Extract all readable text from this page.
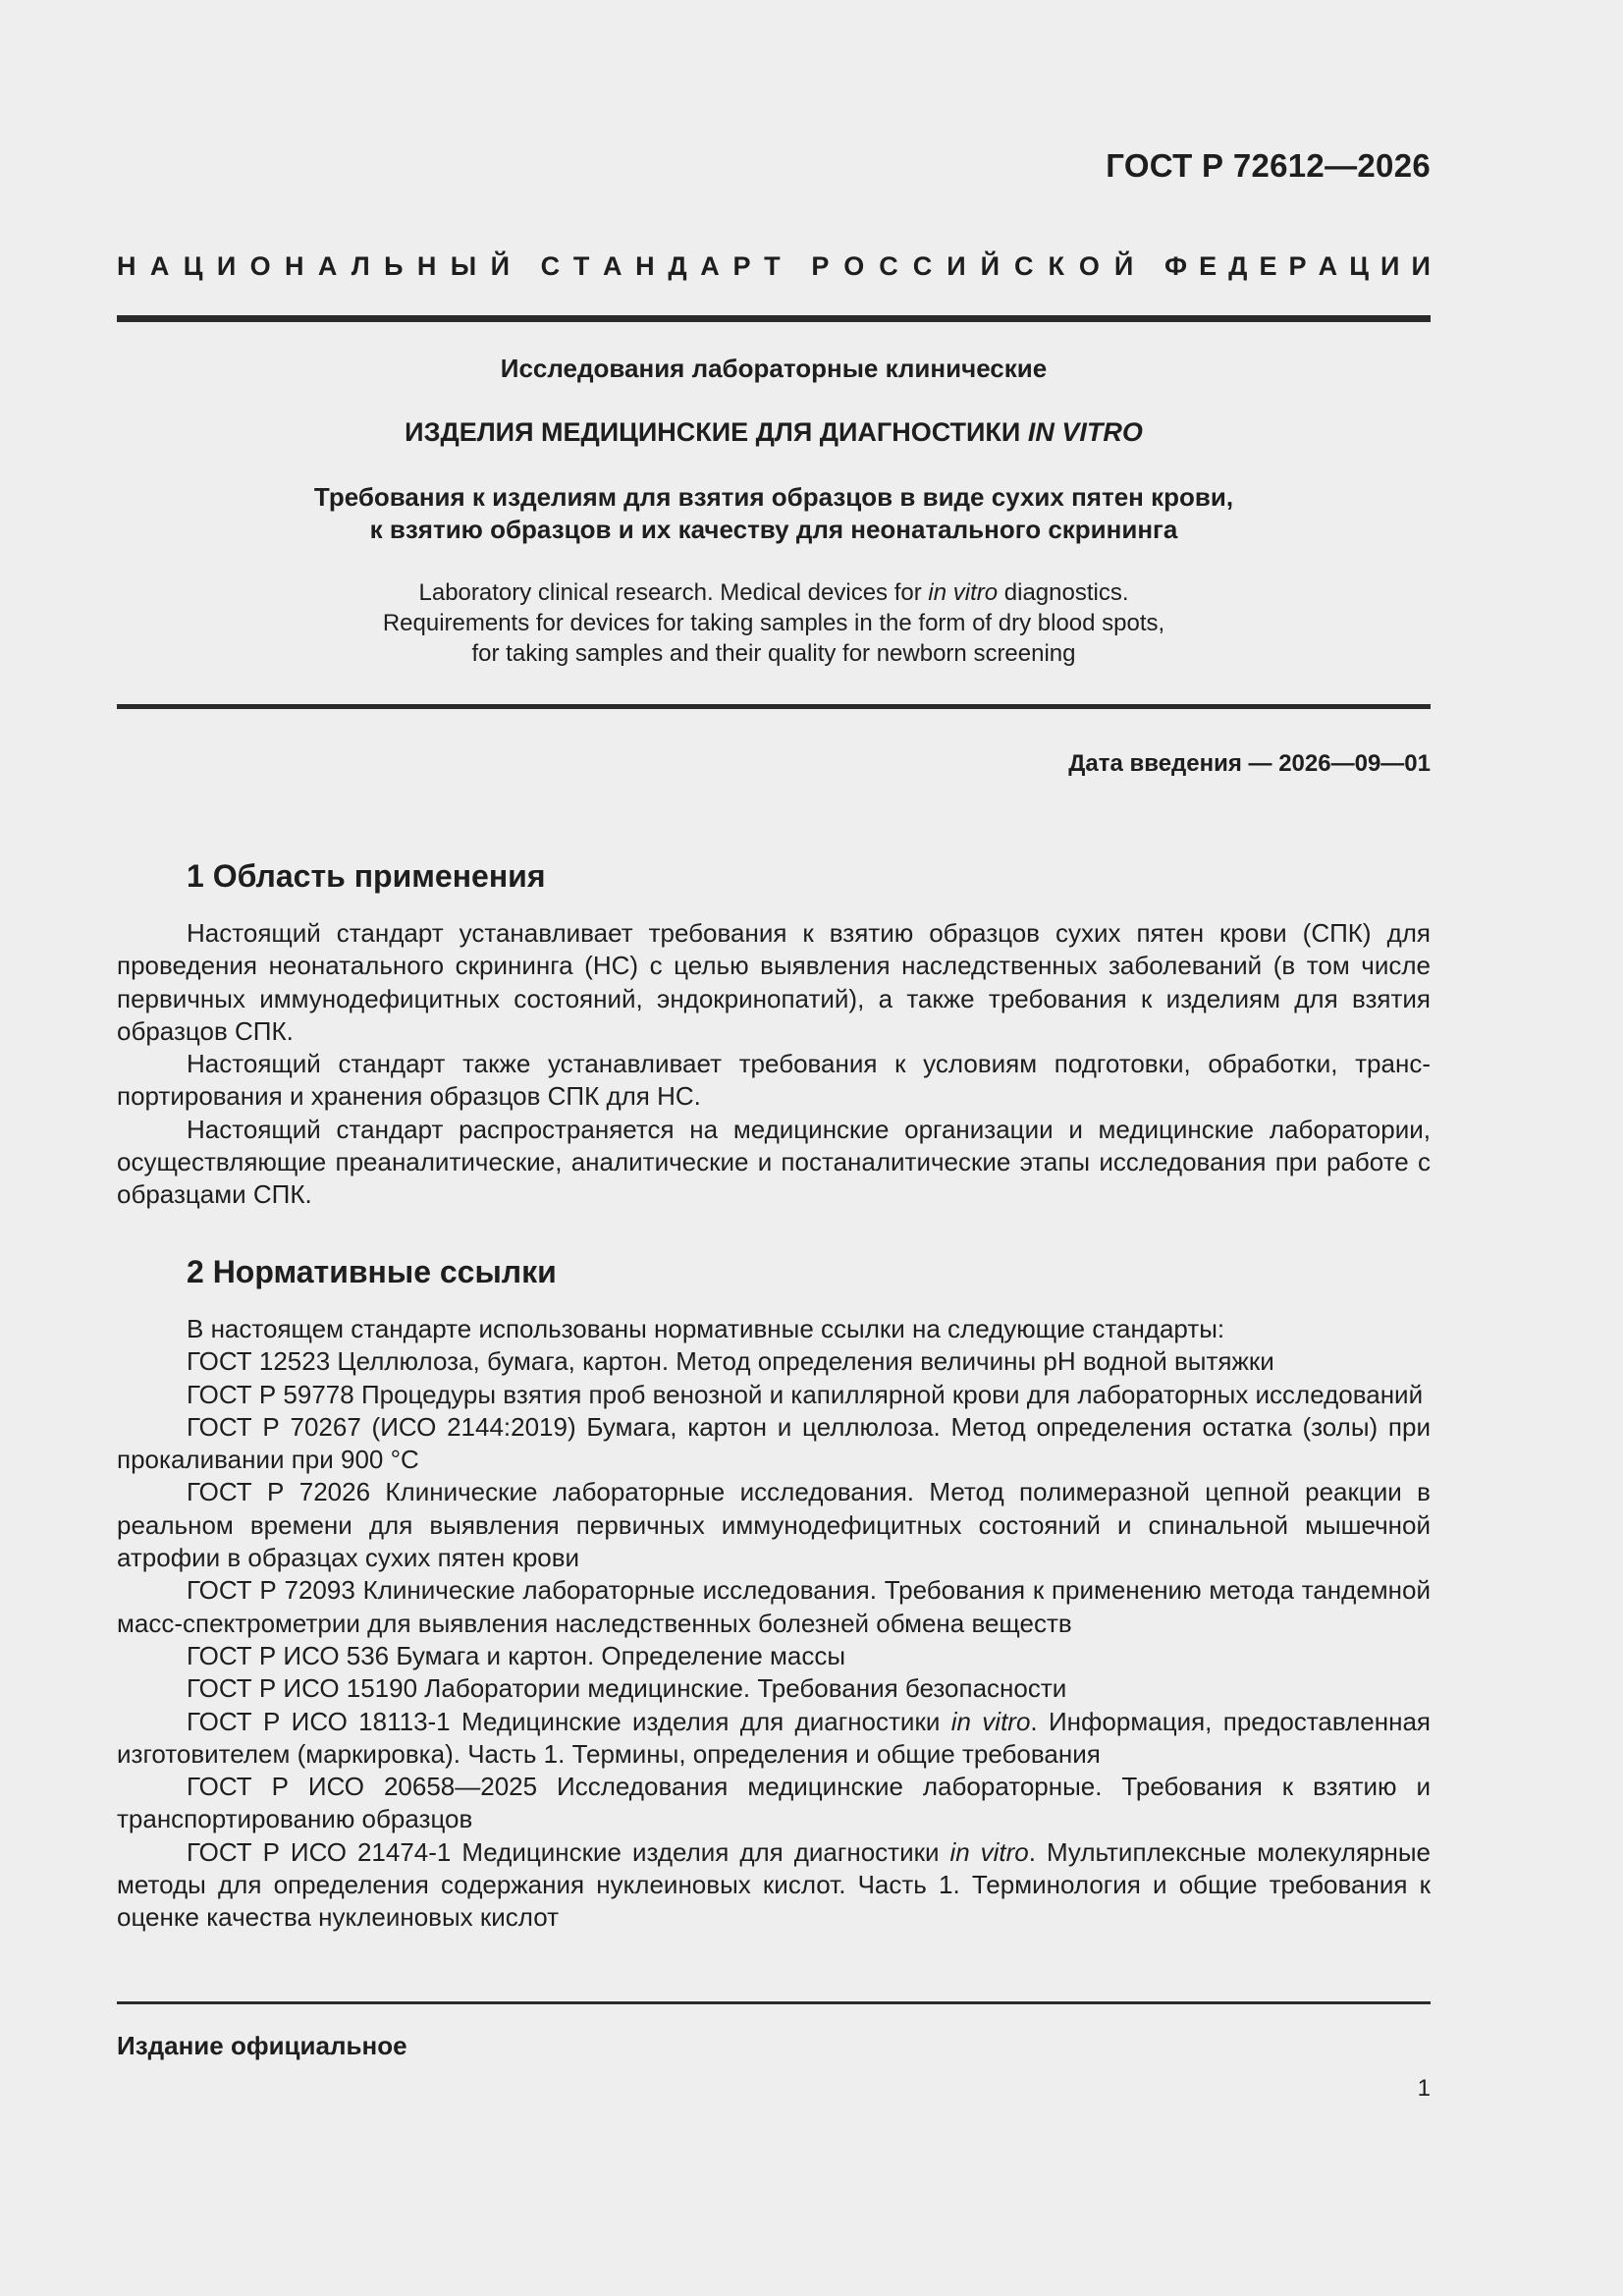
ГОСТ Р 72612—2026
Н А Ц И О Н А Л Ь Н Ы Й С Т А Н Д А Р Т Р О С С И Й С К О Й Ф Е Д Е Р А Ц И И
Исследования лабораторные клинические
ИЗДЕЛИЯ МЕДИЦИНСКИЕ ДЛЯ ДИАГНОСТИКИ IN VITRO
Требования к изделиям для взятия образцов в виде сухих пятен крови,
к взятию образцов и их качеству для неонатального скрининга
Laboratory clinical research. Medical devices for in vitro diagnostics.
Requirements for devices for taking samples in the form of dry blood spots,
for taking samples and their quality for newborn screening
Дата введения — 2026—09—01
1 Область применения

Настоящий стандарт устанавливает требования к взятию образцов сухих пятен крови (СПК) для проведения неонатального скрининга (НС) с целью выявления наследственных заболеваний (в том числе первичных иммунодефицитных состояний, эндокринопатий), а также требования к изделиям для взятия образцов СПК.

Настоящий стандарт также устанавливает требования к условиям подготовки, обработки, транспортирования и хранения образцов СПК для НС.

Настоящий стандарт распространяется на медицинские организации и медицинские лаборатории, осуществляющие преаналитические, аналитические и постаналитические этапы исследования при работе с образцами СПК.

2 Нормативные ссылки

В настоящем стандарте использованы нормативные ссылки на следующие стандарты:

ГОСТ 12523 Целлюлоза, бумага, картон. Метод определения величины pH водной вытяжки

ГОСТ Р 59778 Процедуры взятия проб венозной и капиллярной крови для лабораторных исследований

ГОСТ Р 70267 (ИСО 2144:2019) Бумага, картон и целлюлоза. Метод определения остатка (золы) при прокаливании при 900 °С

ГОСТ Р 72026 Клинические лабораторные исследования. Метод полимеразной цепной реакции в реальном времени для выявления первичных иммунодефицитных состояний и спинальной мышечной атрофии в образцах сухих пятен крови

ГОСТ Р 72093 Клинические лабораторные исследования. Требования к применению метода тандемной масс-спектрометрии для выявления наследственных болезней обмена веществ

ГОСТ Р ИСО 536 Бумага и картон. Определение массы

ГОСТ Р ИСО 15190 Лаборатории медицинские. Требования безопасности

ГОСТ Р ИСО 18113-1 Медицинские изделия для диагностики in vitro. Информация, предоставленная изготовителем (маркировка). Часть 1. Термины, определения и общие требования

ГОСТ Р ИСО 20658—2025 Исследования медицинские лабораторные. Требования к взятию и транспортированию образцов

ГОСТ Р ИСО 21474-1 Медицинские изделия для диагностики in vitro. Мультиплексные молекулярные методы для определения содержания нуклеиновых кислот. Часть 1. Терминология и общие требования к оценке качества нуклеиновых кислот

Издание официальное
1
